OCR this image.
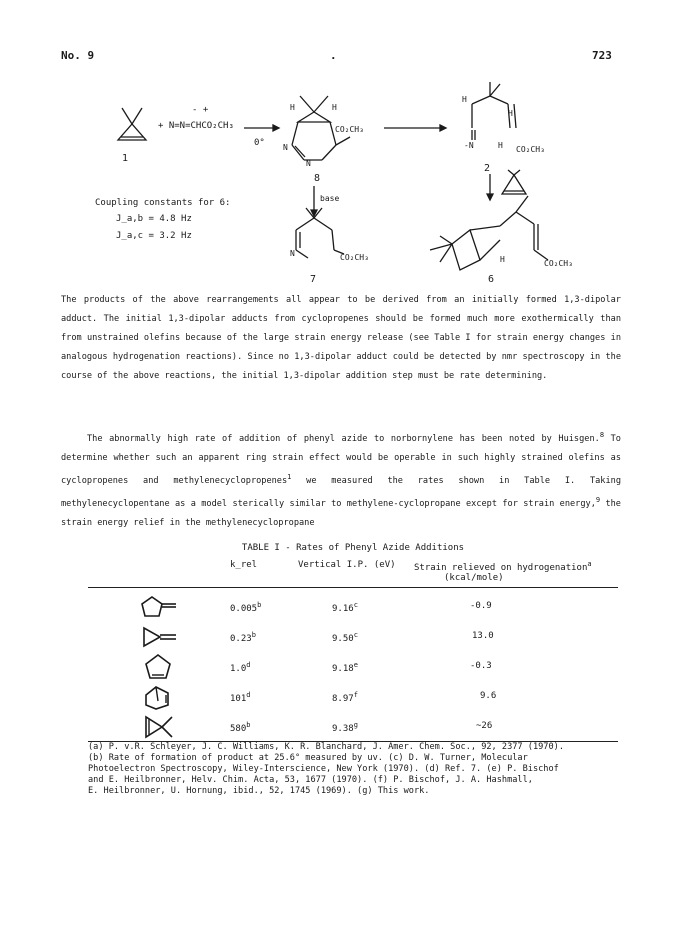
No. 9	.	723
- +
+ N=N=CHCO₂CH₃
0°
1
H	H
N
N
CO₂CH₃
8
base
H
H
-N	H CO₂CH₃
2
Coupling constants for 6:
J_a,b = 4.8 Hz
J_a,c = 3.2 Hz
N	CO₂CH₃
7
H	CO₂CH₃
6

The products of the above rearrangements all appear to be derived from an initially formed 1,3-dipolar adduct. The initial 1,3-dipolar adducts from cyclopropenes should be formed much more exothermically than from unstrained olefins because of the large strain energy release (see Table I for strain energy changes in analogous hydrogenation reactions). Since no 1,3-dipolar adduct could be detected by nmr spectroscopy in the course of the above reactions, the initial 1,3-dipolar addition step must be rate determining.

The abnormally high rate of addition of phenyl azide to norbornylene has been noted by Huisgen.$^8$ To determine whether such an apparent ring strain effect would be operable in such highly strained olefins as cyclopropenes and methylenecyclopropenes$^1$ we measured the rates shown in Table I. Taking methylenecyclopentane as a model sterically similar to methylene-cyclopropane except for strain energy,$^9$ the strain energy relief in the methylenecyclopropane

TABLE I - Rates of Phenyl Azide Additions
k_rel	Vertical I.P. (eV) Strain relieved on hydrogenation$^a$
(kcal/mole)
0.005$^b$	9.16$^c$	-0.9
0.23$^b$	9.50$^c$	13.0
1.0$^d$	9.18e	-0.3
101$^d$	8.97$^f$	9.6
580$^b$	9.38$^g$	~26

(a) P. v.R. Schleyer, J. C. Williams, K. R. Blanchard, J. Amer. Chem. Soc., 92, 2377 (1970).

(b) Rate of formation of product at 25.6° measured by uv. (c) D. W. Turner, Molecular

Photoelectron Spectroscopy, Wiley-Interscience, New York (1970). (d) Ref. 7. (e) P. Bischof

and E. Heilbronner, Helv. Chim. Acta, 53, 1677 (1970). (f) P. Bischof, J. A. Hashmall,

E. Heilbronner, U. Hornung, ibid., 52, 1745 (1969). (g) This work.
